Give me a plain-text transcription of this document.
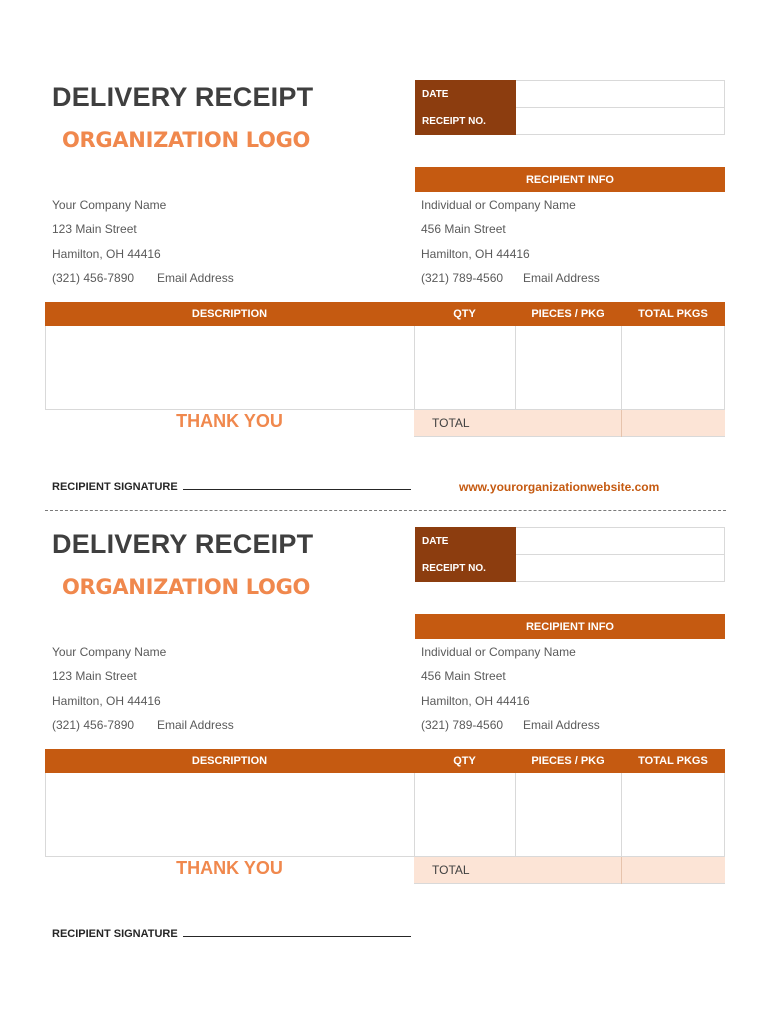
DELIVERY RECEIPT
ORGANIZATION LOGO
DATE	
RECEIPT NO.	
RECIPIENT INFO
Your Company Name
123 Main Street
Hamilton, OH 44416
(321) 456-7890 Email Address
Individual or Company Name
456 Main Street
Hamilton, OH 44416
(321) 789-4560 Email Address
DESCRIPTION	QTY	PIECES / PKG	TOTAL PKGS
THANK YOU	TOTAL
RECIPIENT SIGNATURE	www.yourorganizationwebsite.com
DELIVERY RECEIPT
ORGANIZATION LOGO
DATE	
RECEIPT NO.	
RECIPIENT INFO
Your Company Name
123 Main Street
Hamilton, OH 44416
(321) 456-7890 Email Address
Individual or Company Name
456 Main Street
Hamilton, OH 44416
(321) 789-4560 Email Address
DESCRIPTION	QTY	PIECES / PKG	TOTAL PKGS
THANK YOU	TOTAL
RECIPIENT SIGNATURE
